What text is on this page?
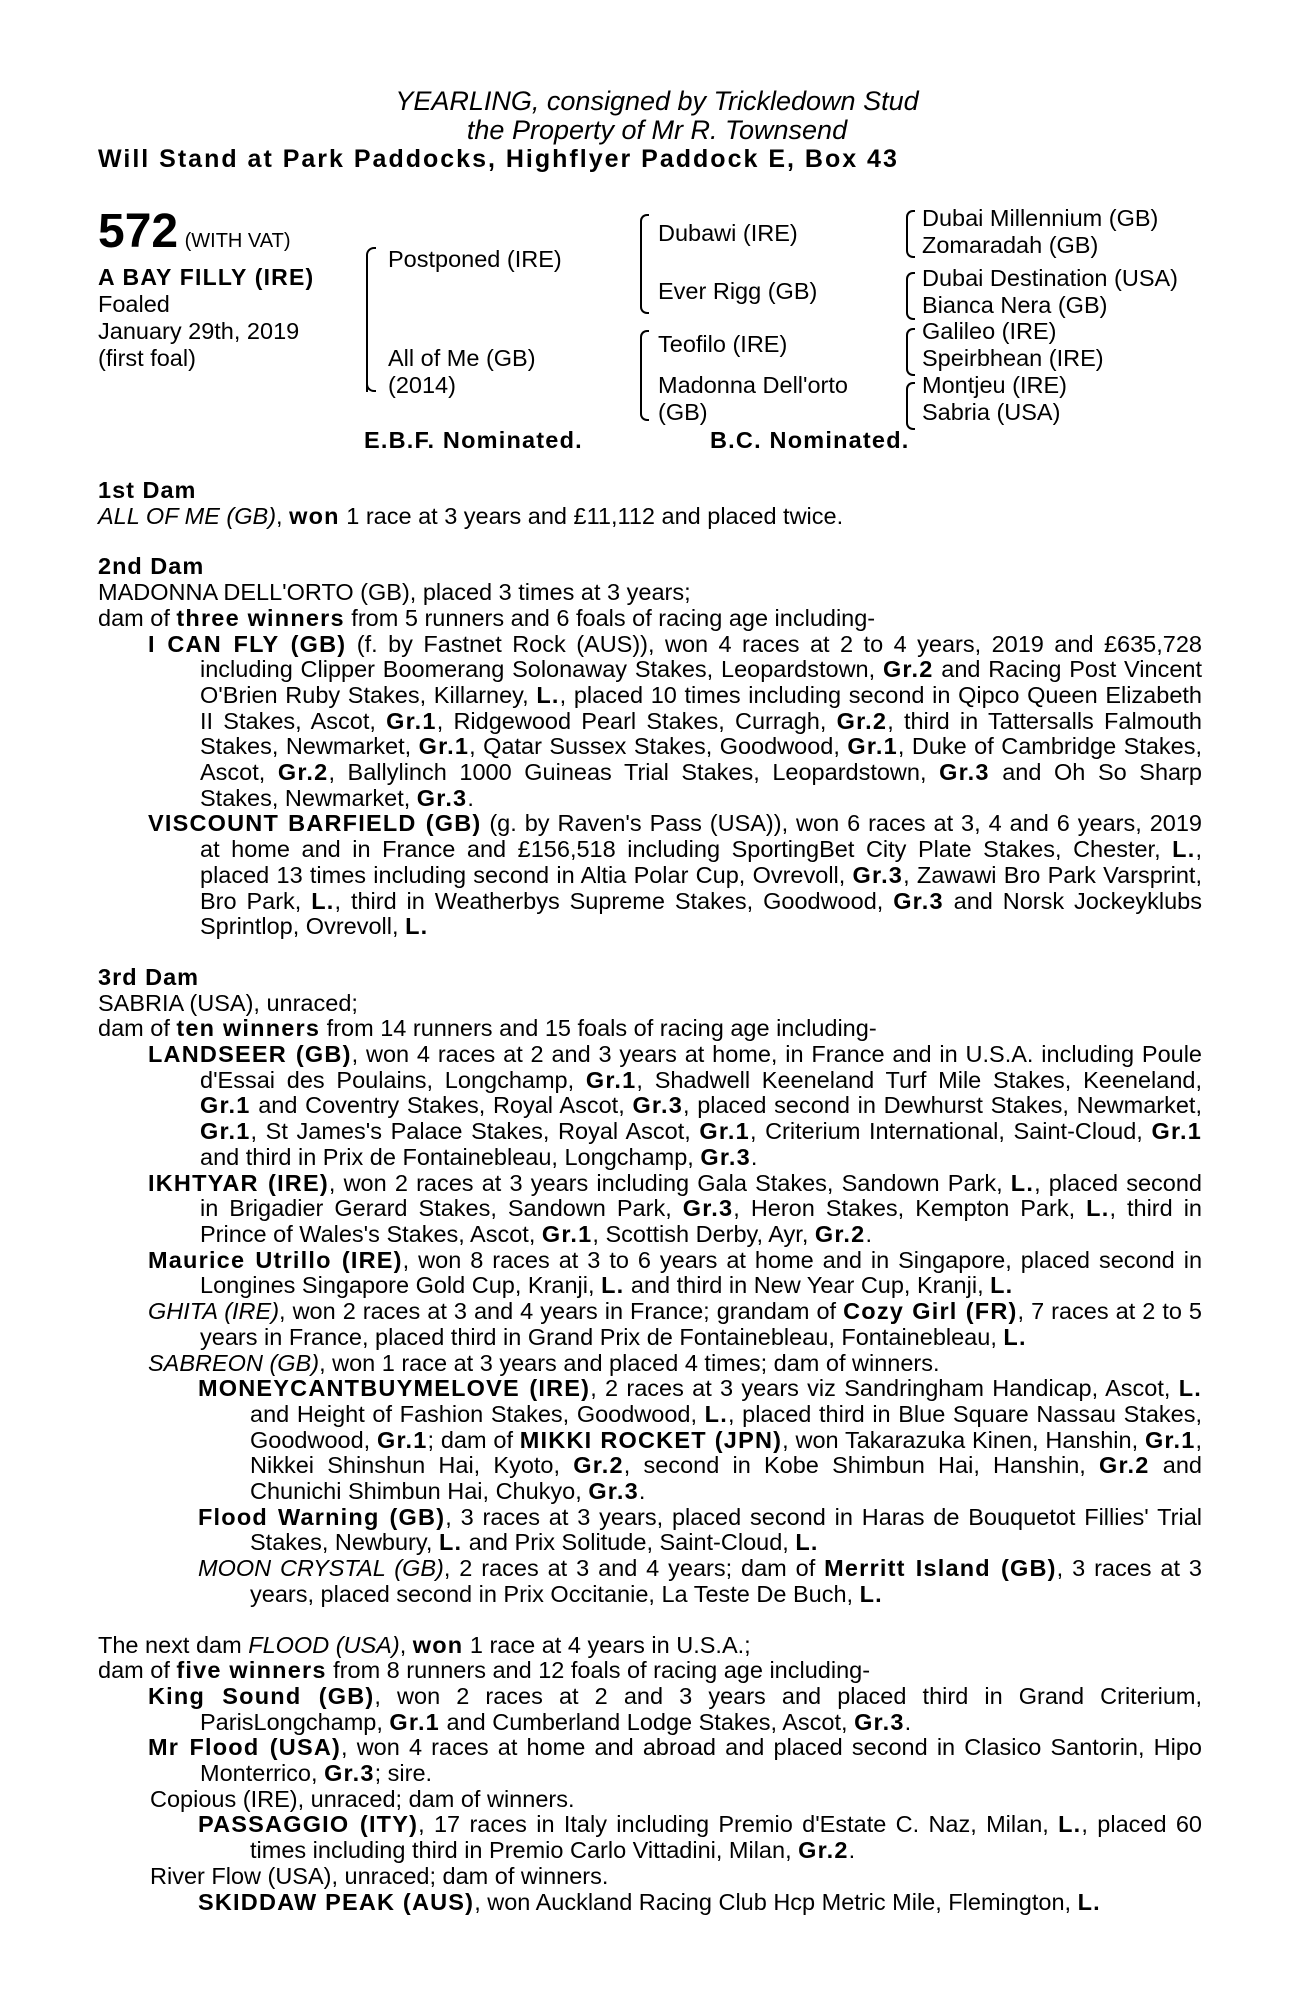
YEARLING, consigned by Trickledown Stud
the Property of Mr R. Townsend
Will Stand at Park Paddocks, Highflyer Paddock E, Box 43
572 (WITH VAT)
A BAY FILLY (IRE)
Foaled
January 29th, 2019
(first foal)
Postponed (IRE)
All of Me (GB)
(2014)
Dubawi (IRE)
Ever Rigg (GB)
Teofilo (IRE)
Madonna Dell'orto
(GB)
Dubai Millennium (GB)
Zomaradah (GB)
Dubai Destination (USA)
Bianca Nera (GB)
Galileo (IRE)
Speirbhean (IRE)
Montjeu (IRE)
Sabria (USA)
E.B.F. Nominated.	B.C. Nominated.

1st Dam

ALL OF ME (GB), won 1 race at 3 years and £11,112 and placed twice.

2nd Dam

MADONNA DELL'ORTO (GB), placed 3 times at 3 years;

dam of three winners from 5 runners and 6 foals of racing age including-

I CAN FLY (GB) (f. by Fastnet Rock (AUS)), won 4 races at 2 to 4 years, 2019 and £635,728 including Clipper Boomerang Solonaway Stakes, Leopardstown, Gr.2 and Racing Post Vincent O'Brien Ruby Stakes, Killarney, L., placed 10 times including second in Qipco Queen Elizabeth II Stakes, Ascot, Gr.1, Ridgewood Pearl Stakes, Curragh, Gr.2, third in Tattersalls Falmouth Stakes, Newmarket, Gr.1, Qatar Sussex Stakes, Goodwood, Gr.1, Duke of Cambridge Stakes, Ascot, Gr.2, Ballylinch 1000 Guineas Trial Stakes, Leopardstown, Gr.3 and Oh So Sharp Stakes, Newmarket, Gr.3.

VISCOUNT BARFIELD (GB) (g. by Raven's Pass (USA)), won 6 races at 3, 4 and 6 years, 2019 at home and in France and £156,518 including SportingBet City Plate Stakes, Chester, L., placed 13 times including second in Altia Polar Cup, Ovrevoll, Gr.3, Zawawi Bro Park Varsprint, Bro Park, L., third in Weatherbys Supreme Stakes, Goodwood, Gr.3 and Norsk Jockeyklubs Sprintlop, Ovrevoll, L.

3rd Dam

SABRIA (USA), unraced;

dam of ten winners from 14 runners and 15 foals of racing age including-

LANDSEER (GB), won 4 races at 2 and 3 years at home, in France and in U.S.A. including Poule d'Essai des Poulains, Longchamp, Gr.1, Shadwell Keeneland Turf Mile Stakes, Keeneland, Gr.1 and Coventry Stakes, Royal Ascot, Gr.3, placed second in Dewhurst Stakes, Newmarket, Gr.1, St James's Palace Stakes, Royal Ascot, Gr.1, Criterium International, Saint-Cloud, Gr.1 and third in Prix de Fontainebleau, Longchamp, Gr.3.

IKHTYAR (IRE), won 2 races at 3 years including Gala Stakes, Sandown Park, L., placed second in Brigadier Gerard Stakes, Sandown Park, Gr.3, Heron Stakes, Kempton Park, L., third in Prince of Wales's Stakes, Ascot, Gr.1, Scottish Derby, Ayr, Gr.2.

Maurice Utrillo (IRE), won 8 races at 3 to 6 years at home and in Singapore, placed second in Longines Singapore Gold Cup, Kranji, L. and third in New Year Cup, Kranji, L.

GHITA (IRE), won 2 races at 3 and 4 years in France; grandam of Cozy Girl (FR), 7 races at 2 to 5 years in France, placed third in Grand Prix de Fontainebleau, Fontainebleau, L.

SABREON (GB), won 1 race at 3 years and placed 4 times; dam of winners.

MONEYCANTBUYMELOVE (IRE), 2 races at 3 years viz Sandringham Handicap, Ascot, L. and Height of Fashion Stakes, Goodwood, L., placed third in Blue Square Nassau Stakes, Goodwood, Gr.1; dam of MIKKI ROCKET (JPN), won Takarazuka Kinen, Hanshin, Gr.1, Nikkei Shinshun Hai, Kyoto, Gr.2, second in Kobe Shimbun Hai, Hanshin, Gr.2 and Chunichi Shimbun Hai, Chukyo, Gr.3.

Flood Warning (GB), 3 races at 3 years, placed second in Haras de Bouquetot Fillies' Trial Stakes, Newbury, L. and Prix Solitude, Saint-Cloud, L.

MOON CRYSTAL (GB), 2 races at 3 and 4 years; dam of Merritt Island (GB), 3 races at 3 years, placed second in Prix Occitanie, La Teste De Buch, L.

The next dam FLOOD (USA), won 1 race at 4 years in U.S.A.;

dam of five winners from 8 runners and 12 foals of racing age including-

King Sound (GB), won 2 races at 2 and 3 years and placed third in Grand Criterium, ParisLongchamp, Gr.1 and Cumberland Lodge Stakes, Ascot, Gr.3.

Mr Flood (USA), won 4 races at home and abroad and placed second in Clasico Santorin, Hipo Monterrico, Gr.3; sire.

Copious (IRE), unraced; dam of winners.

PASSAGGIO (ITY), 17 races in Italy including Premio d'Estate C. Naz, Milan, L., placed 60 times including third in Premio Carlo Vittadini, Milan, Gr.2.

River Flow (USA), unraced; dam of winners.

SKIDDAW PEAK (AUS), won Auckland Racing Club Hcp Metric Mile, Flemington, L.
